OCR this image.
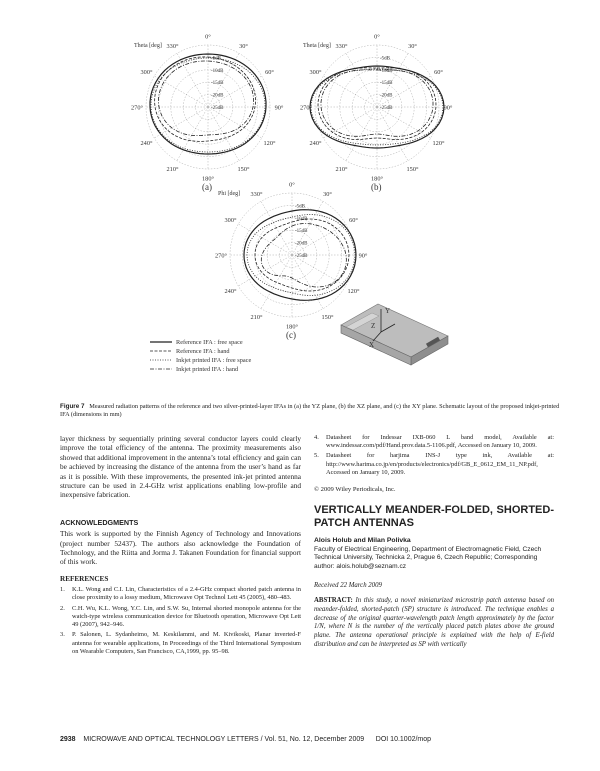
0°
30°
60°
90°
120°
150°
180°
210°
240°
270°
300°
330°
-5dB
-10dB
-15dB
-20dB
-25dB
Theta [deg]
(a)
0°
30°
60°
90°
120°
150°
180°
210°
240°
270°
300°
330°
-5dB
-10dB
-15dB
-20dB
-25dB
Theta [deg]
(b)
0°
30°
60°
90°
120°
150°
180°
210°
240°
270°
300°
330°
-5dB
-10dB
-15dB
-20dB
-25dB
Phi [deg]
(c)
Reference IFA : free space
Reference IFA : hand
Inkjet printed IFA : free space
Inkjet printed IFA : hand
Y
Z
X
Figure 7 Measured radiation patterns of the reference and two silver-printed-layer IFAs in (a) the YZ plane, (b) the XZ plane, and (c) the XY plane. Schematic layout of the proposed inkjet-printed IFA (dimensions in mm)

layer thickness by sequentially printing several conductor layers could clearly improve the total efficiency of the antenna. The proximity measurements also showed that additional improvement in the antenna’s total efficiency and gain can be achieved by increasing the distance of the antenna from the user’s hand as far as it is possible. With these improvements, the presented ink-jet printed antenna structure can be used in 2.4-GHz wrist applications enabling low-profile and inexpensive fabrication.

ACKNOWLEDGMENTS

This work is supported by the Finnish Agency of Technology and Innovations (project number 52437). The authors also acknowledge the Foundation of Technology, and the Riitta and Jorma J. Takanen Foundation for financial support of this work.

REFERENCES
1. K.L. Wong and C.I. Lin, Characteristics of a 2.4-GHz compact shorted patch antenna in close proximity to a lossy medium, Microwave Opt Technol Lett 45 (2005), 480–483.
2. C.H. Wu, K.L. Wong, Y.C. Lin, and S.W. Su, Internal shorted monopole antenna for the watch-type wireless communication device for Bluetooth operation, Microwave Opt Lett 49 (2007), 942–946.
3. P. Salonen, L. Sydanheimo, M. Keskilammi, and M. Kivikoski, Planar inverted-F antenna for wearable applications, In Proceedings of the Third International Symposium on Wearable Computers, San Francisco, CA,1999, pp. 95–98.
4. Datasheet for Indessar IXB-060 L band model, Available at: www.indessar.com/pdf/Hand.prov.data.5-1106.pdf, Accessed on January 10, 2009.
5. Datasheet for harjima INS-J type ink, Available at: http://www.harima.co.jp/en/products/electronics/pdf/GB_E_0612_EM_11_NP.pdf, Accessed on January 10, 2009.

© 2009 Wiley Periodicals, Inc.

VERTICALLY MEANDER-FOLDED, SHORTED-PATCH ANTENNAS

Alois Holub and Milan Polivka

Faculty of Electrical Engineering, Department of Electromagnetic Field, Czech Technical University, Technicka 2, Prague 6, Czech Republic; Corresponding author: alois.holub@seznam.cz

Received 22 March 2009

ABSTRACT: In this study, a novel miniaturized microstrip patch antenna based on meander-folded, shorted-patch (SP) structure is introduced. The technique enables a decrease of the original quarter-wavelength patch length approximately by the factor 1/N, where N is the number of the vertically placed patch plates above the ground plane. The antenna operational principle is explained with the help of E-field distribution and can be interpreted as SP with vertically

2938 MICROWAVE AND OPTICAL TECHNOLOGY LETTERS / Vol. 51, No. 12, December 2009 DOI 10.1002/mop
